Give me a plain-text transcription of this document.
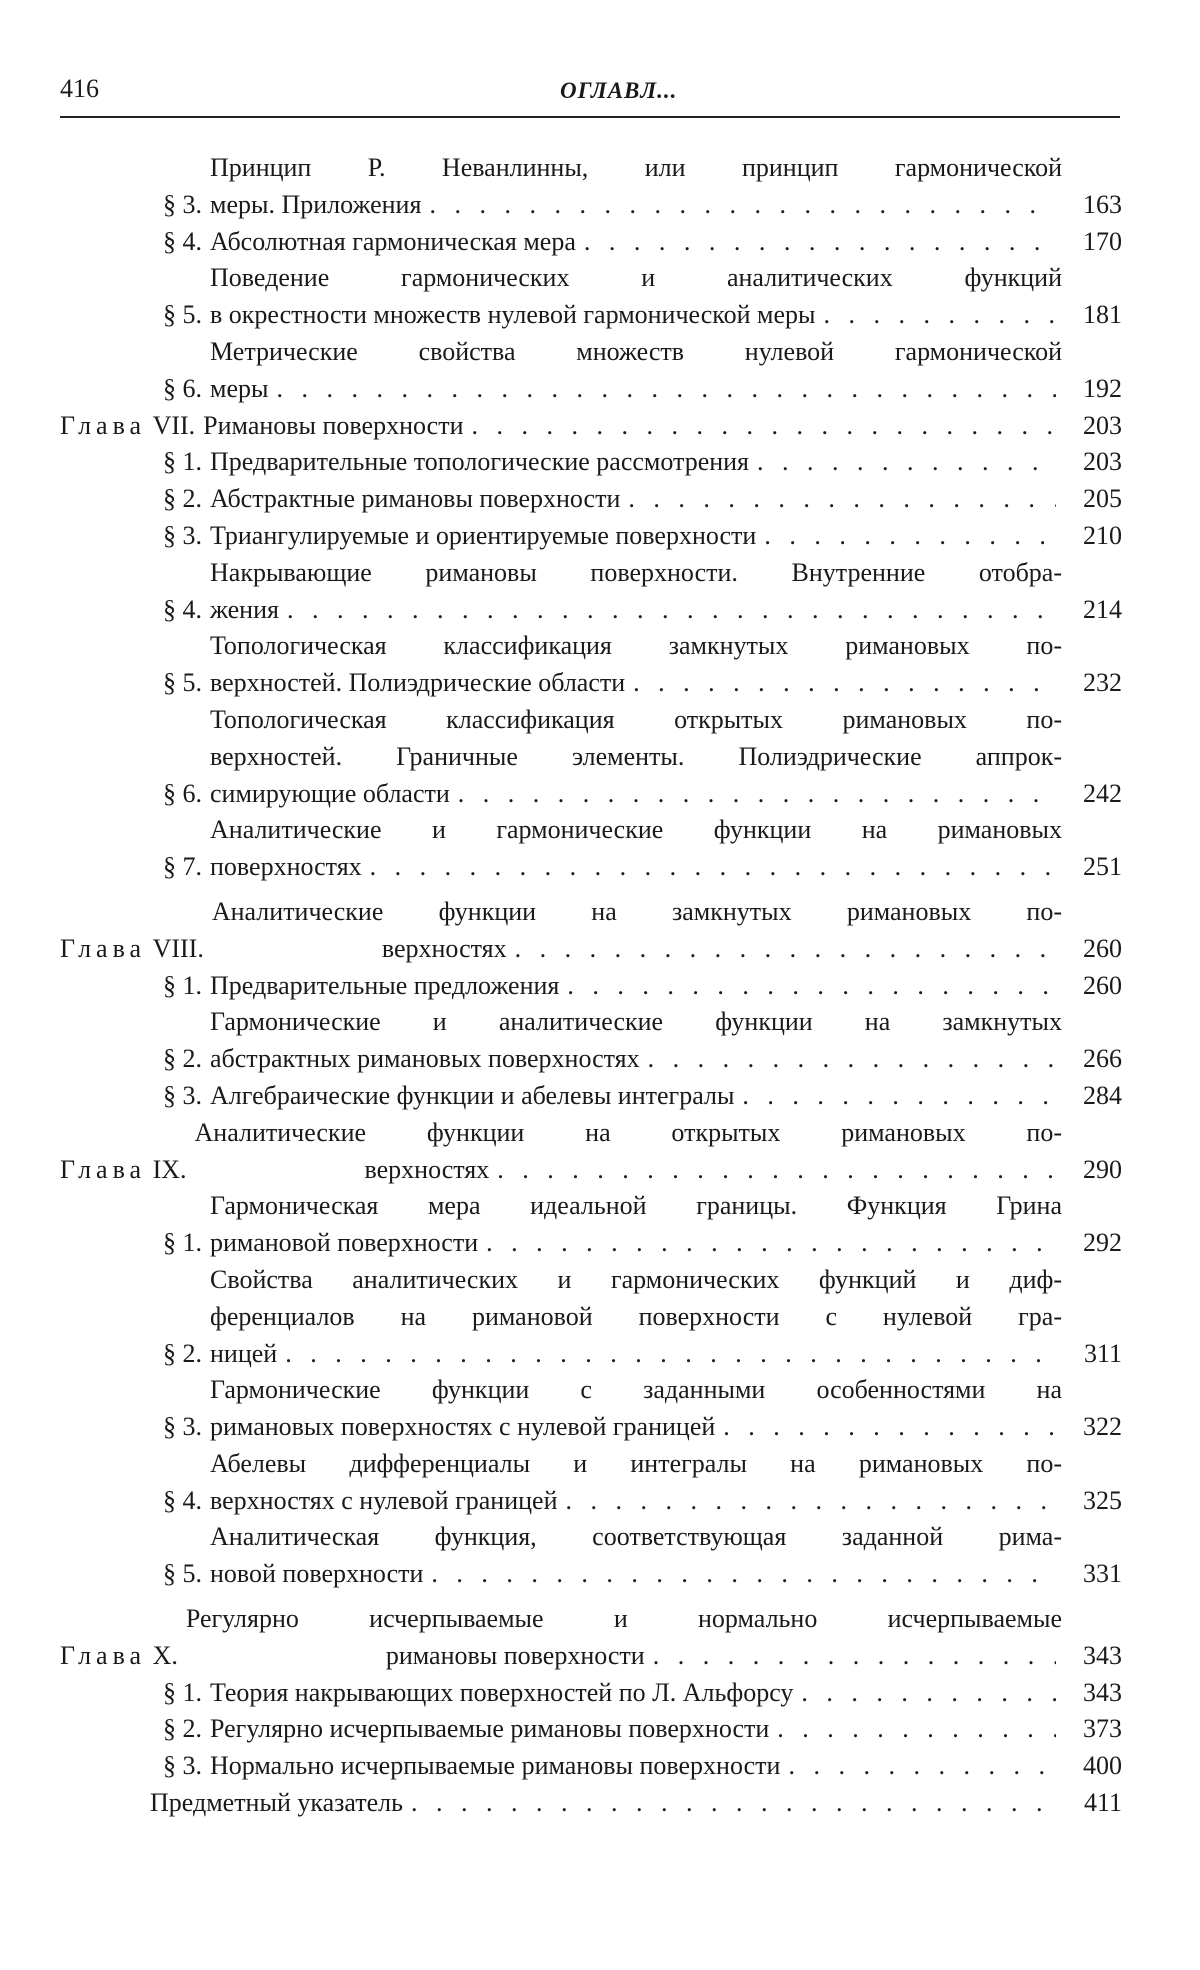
416	ОГЛАВЛ...
§ 3.
Принцип Р. Неванлинны, или принцип гармонической
меры. Приложения . . .	163
§ 4. Абсолютная гармоническая мера . . .	170
§ 5.
Поведение гармонических и аналитических функций
в окрестности множеств нулевой гармонической меры . . .	181
§ 6.
Метрические свойства множеств нулевой гармонической
меры . . .	192
Глава VII. Римановы поверхности . . .	203
§ 1. Предварительные топологические рассмотрения . . .	203
§ 2. Абстрактные римановы поверхности . . .	205
§ 3. Триангулируемые и ориентируемые поверхности . . .	210
§ 4.
Накрывающие римановы поверхности. Внутренние отобра-
жения . . .	214
§ 5.
Топологическая классификация замкнутых римановых по-
верхностей. Полиэдрические области . . .	232
§ 6.
Топологическая классификация открытых римановых по-
верхностей. Граничные элементы. Полиэдрические аппрок-
симирующие области . . .	242
§ 7.
Аналитические и гармонические функции на римановых
поверхностях . . .	251
Глава VIII.
Аналитические функции на замкнутых римановых по-
верхностях . . .	260
§ 1. Предварительные предложения . . .	260
§ 2.
Гармонические и аналитические функции на замкнутых
абстрактных римановых поверхностях . . .	266
§ 3. Алгебраические функции и абелевы интегралы . . .	284
Глава IX.
Аналитические функции на открытых римановых по-
верхностях . . .	290
§ 1.
Гармоническая мера идеальной границы. Функция Грина
римановой поверхности . . .	292
§ 2.
Свойства аналитических и гармонических функций и диф-
ференциалов на римановой поверхности с нулевой гра-
ницей . . .	311
§ 3.
Гармонические функции с заданными особенностями на
римановых поверхностях с нулевой границей . . .	322
§ 4.
Абелевы дифференциалы и интегралы на римановых по-
верхностях с нулевой границей . . .	325
§ 5.
Аналитическая функция, соответствующая заданной рима-
новой поверхности . . .	331
Глава X.
Регулярно исчерпываемые и нормально исчерпываемые
римановы поверхности . . .	343
§ 1. Теория накрывающих поверхностей по Л. Альфорсу . . .	343
§ 2. Регулярно исчерпываемые римановы поверхности . . .	373
§ 3. Нормально исчерпываемые римановы поверхности . . .	400
Предметный указатель . . .	411
